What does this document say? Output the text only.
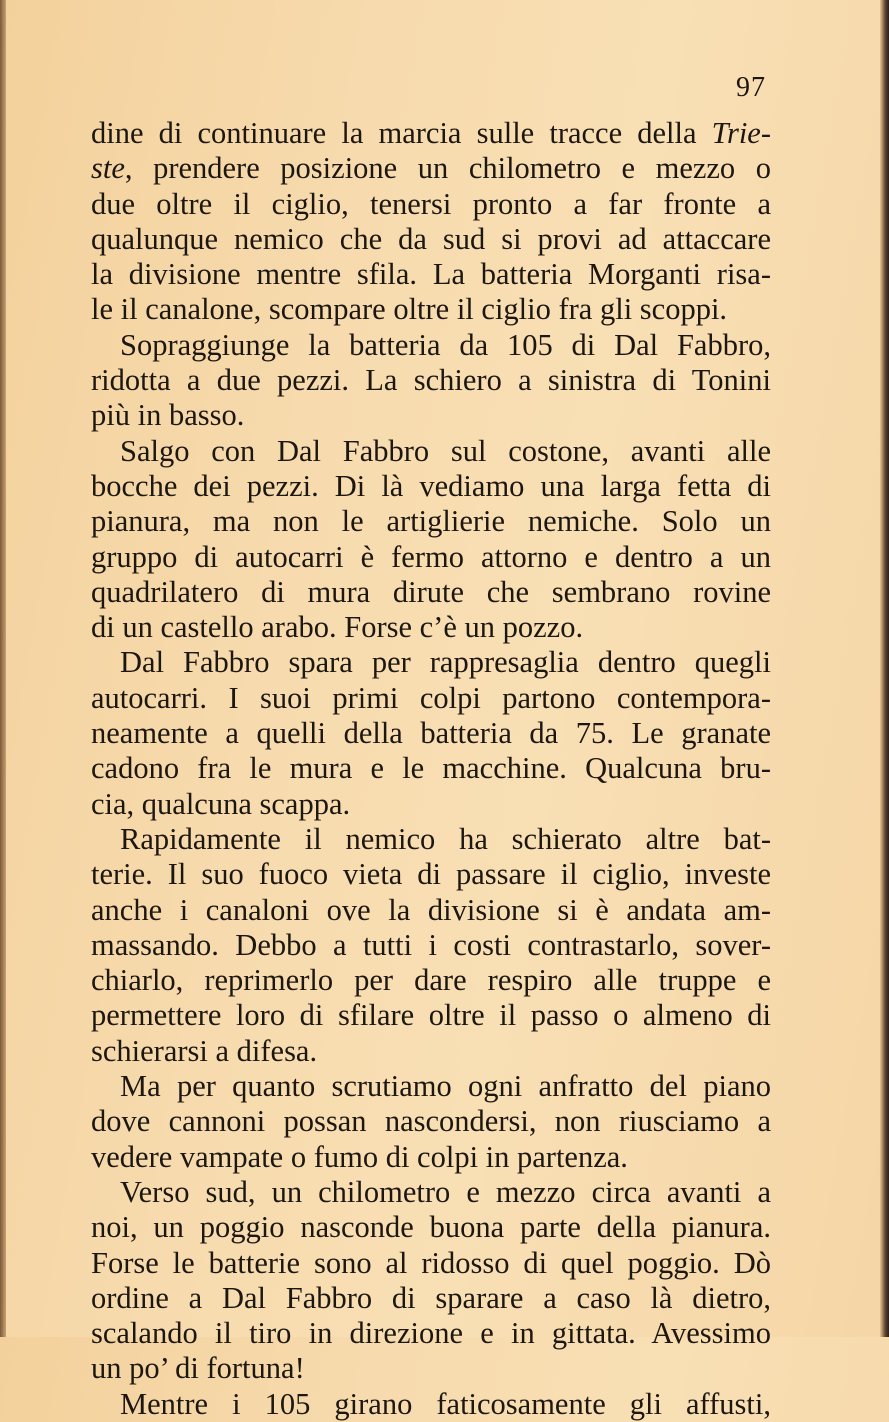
97
dine di continuare la marcia sulle tracce della Trie-
ste, prendere posizione un chilometro e mezzo o
due oltre il ciglio, tenersi pronto a far fronte a
qualunque nemico che da sud si provi ad attaccare
la divisione mentre sfila. La batteria Morganti risa-
le il canalone, scompare oltre il ciglio fra gli scoppi.
Sopraggiunge la batteria da 105 di Dal Fabbro,
ridotta a due pezzi. La schiero a sinistra di Tonini
più in basso.
Salgo con Dal Fabbro sul costone, avanti alle
bocche dei pezzi. Di là vediamo una larga fetta di
pianura, ma non le artiglierie nemiche. Solo un
gruppo di autocarri è fermo attorno e dentro a un
quadrilatero di mura dirute che sembrano rovine
di un castello arabo. Forse c’è un pozzo.
Dal Fabbro spara per rappresaglia dentro quegli
autocarri. I suoi primi colpi partono contempora-
neamente a quelli della batteria da 75. Le granate
cadono fra le mura e le macchine. Qualcuna bru-
cia, qualcuna scappa.
Rapidamente il nemico ha schierato altre bat-
terie. Il suo fuoco vieta di passare il ciglio, investe
anche i canaloni ove la divisione si è andata am-
massando. Debbo a tutti i costi contrastarlo, sover-
chiarlo, reprimerlo per dare respiro alle truppe e
permettere loro di sfilare oltre il passo o almeno di
schierarsi a difesa.
Ma per quanto scrutiamo ogni anfratto del piano
dove cannoni possan nascondersi, non riusciamo a
vedere vampate o fumo di colpi in partenza.
Verso sud, un chilometro e mezzo circa avanti a
noi, un poggio nasconde buona parte della pianura.
Forse le batterie sono al ridosso di quel poggio. Dò
ordine a Dal Fabbro di sparare a caso là dietro,
scalando il tiro in direzione e in gittata. Avessimo
un po’ di fortuna!
Mentre i 105 girano faticosamente gli affusti,
